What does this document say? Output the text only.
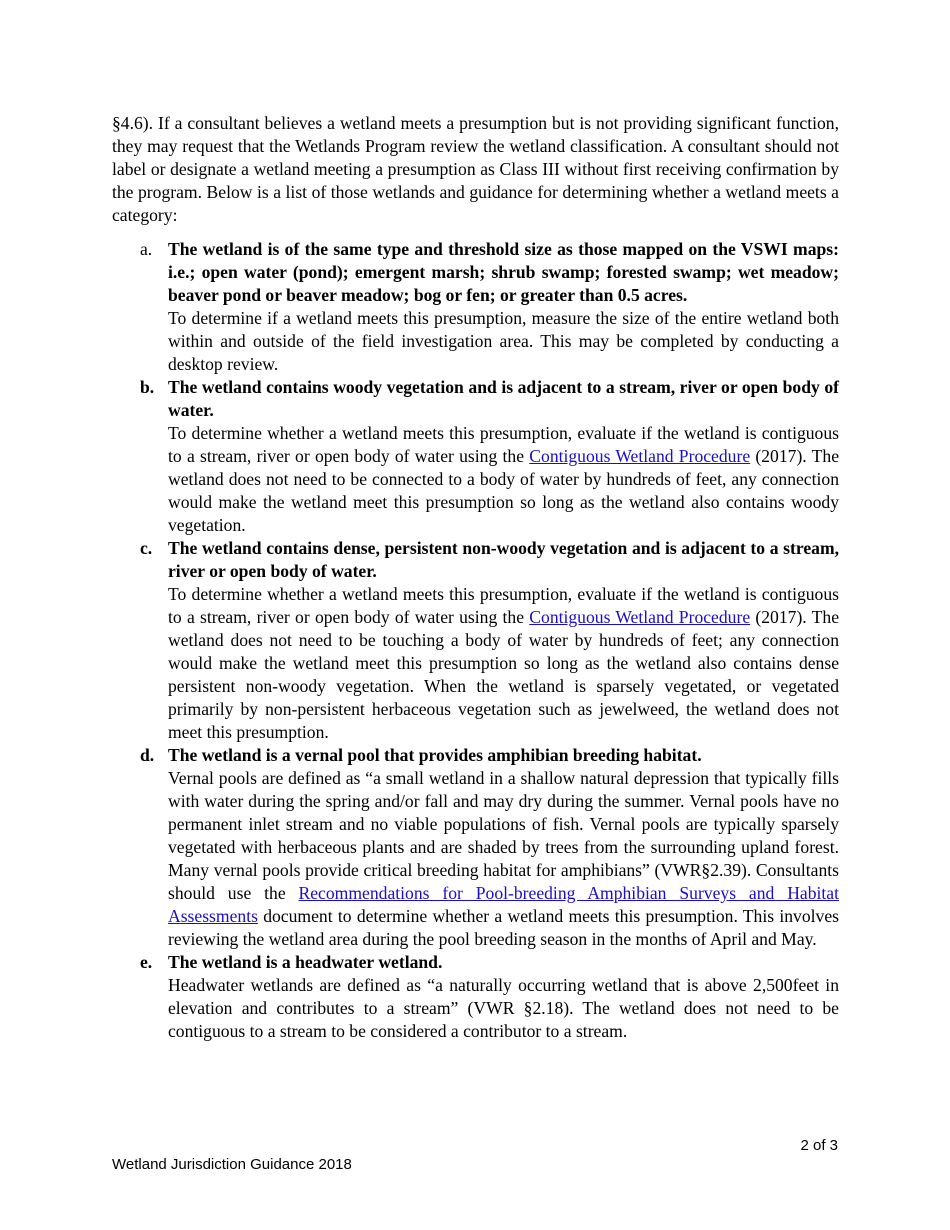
§4.6). If a consultant believes a wetland meets a presumption but is not providing significant function, they may request that the Wetlands Program review the wetland classification. A consultant should not label or designate a wetland meeting a presumption as Class III without first receiving confirmation by the program. Below is a list of those wetlands and guidance for determining whether a wetland meets a category:

a. The wetland is of the same type and threshold size as those mapped on the VSWI maps: i.e.; open water (pond); emergent marsh; shrub swamp; forested swamp; wet meadow; beaver pond or beaver meadow; bog or fen; or greater than 0.5 acres.

To determine if a wetland meets this presumption, measure the size of the entire wetland both within and outside of the field investigation area. This may be completed by conducting a desktop review.

b. The wetland contains woody vegetation and is adjacent to a stream, river or open body of water.

To determine whether a wetland meets this presumption, evaluate if the wetland is contiguous to a stream, river or open body of water using the Contiguous Wetland Procedure (2017). The wetland does not need to be connected to a body of water by hundreds of feet, any connection would make the wetland meet this presumption so long as the wetland also contains woody vegetation.

c. The wetland contains dense, persistent non-woody vegetation and is adjacent to a stream, river or open body of water.

To determine whether a wetland meets this presumption, evaluate if the wetland is contiguous to a stream, river or open body of water using the Contiguous Wetland Procedure (2017). The wetland does not need to be touching a body of water by hundreds of feet; any connection would make the wetland meet this presumption so long as the wetland also contains dense persistent non-woody vegetation. When the wetland is sparsely vegetated, or vegetated primarily by non-persistent herbaceous vegetation such as jewelweed, the wetland does not meet this presumption.

d. The wetland is a vernal pool that provides amphibian breeding habitat.

Vernal pools are defined as “a small wetland in a shallow natural depression that typically fills with water during the spring and/or fall and may dry during the summer. Vernal pools have no permanent inlet stream and no viable populations of fish. Vernal pools are typically sparsely vegetated with herbaceous plants and are shaded by trees from the surrounding upland forest. Many vernal pools provide critical breeding habitat for amphibians” (VWR§2.39). Consultants should use the Recommendations for Pool-breeding Amphibian Surveys and Habitat Assessments document to determine whether a wetland meets this presumption. This involves reviewing the wetland area during the pool breeding season in the months of April and May.

e. The wetland is a headwater wetland.

Headwater wetlands are defined as “a naturally occurring wetland that is above 2,500feet in elevation and contributes to a stream” (VWR §2.18). The wetland does not need to be contiguous to a stream to be considered a contributor to a stream.

2 of 3
Wetland Jurisdiction Guidance 2018
